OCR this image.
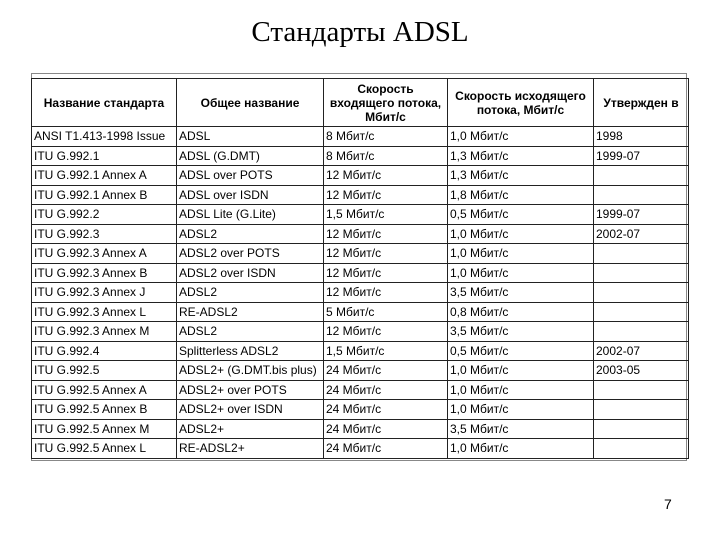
Стандарты ADSL
Название стандарта	Общее название	Скорость входящего потока, Мбит/с	Скорость исходящего потока, Мбит/с	Утвержден в
ANSI T1.413-1998 Issue	ADSL	8 Мбит/с	1,0 Мбит/с	1998
ITU G.992.1	ADSL (G.DMT)	8 Мбит/с	1,3 Мбит/с	1999-07
ITU G.992.1 Annex A	ADSL over POTS	12 Мбит/с	1,3 Мбит/с	
ITU G.992.1 Annex B	ADSL over ISDN	12 Мбит/с	1,8 Мбит/с	
ITU G.992.2	ADSL Lite (G.Lite)	1,5 Мбит/с	0,5 Мбит/с	1999-07
ITU G.992.3	ADSL2	12 Мбит/с	1,0 Мбит/с	2002-07
ITU G.992.3 Annex A	ADSL2 over POTS	12 Мбит/с	1,0 Мбит/с	
ITU G.992.3 Annex B	ADSL2 over ISDN	12 Мбит/с	1,0 Мбит/с	
ITU G.992.3 Annex J	ADSL2	12 Мбит/с	3,5 Мбит/с	
ITU G.992.3 Annex L	RE-ADSL2	5 Мбит/с	0,8 Мбит/с	
ITU G.992.3 Annex M	ADSL2	12 Мбит/с	3,5 Мбит/с	
ITU G.992.4	Splitterless ADSL2	1,5 Мбит/с	0,5 Мбит/с	2002-07
ITU G.992.5	ADSL2+ (G.DMT.bis plus)	24 Мбит/с	1,0 Мбит/с	2003-05
ITU G.992.5 Annex A	ADSL2+ over POTS	24 Мбит/с	1,0 Мбит/с	
ITU G.992.5 Annex B	ADSL2+ over ISDN	24 Мбит/с	1,0 Мбит/с	
ITU G.992.5 Annex M	ADSL2+	24 Мбит/с	3,5 Мбит/с	
ITU G.992.5 Annex L	RE-ADSL2+	24 Мбит/с	1,0 Мбит/с	
7
